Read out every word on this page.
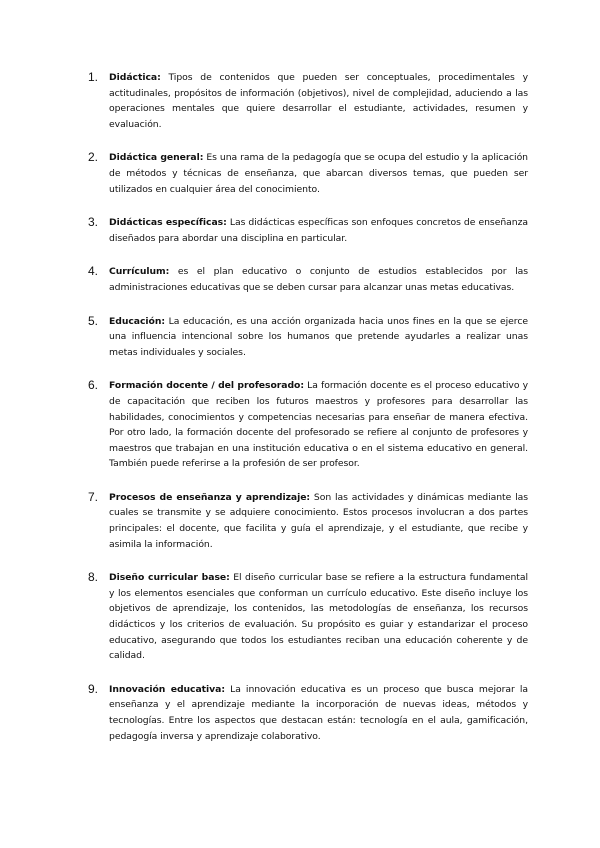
1. Didáctica: Tipos de contenidos que pueden ser conceptuales, procedimentales y actitudinales, propósitos de información (objetivos), nivel de complejidad, aduciendo a las operaciones mentales que quiere desarrollar el estudiante, actividades, resumen y evaluación.
2. Didáctica general: Es una rama de la pedagogía que se ocupa del estudio y la aplicación de métodos y técnicas de enseñanza, que abarcan diversos temas, que pueden ser utilizados en cualquier área del conocimiento.
3. Didácticas específicas: Las didácticas específicas son enfoques concretos de enseñanza diseñados para abordar una disciplina en particular.
4. Currículum: es el plan educativo o conjunto de estudios establecidos por las administraciones educativas que se deben cursar para alcanzar unas metas educativas.
5. Educación: La educación, es una acción organizada hacia unos fines en la que se ejerce una influencia intencional sobre los humanos que pretende ayudarles a realizar unas metas individuales y sociales.
6. Formación docente / del profesorado: La formación docente es el proceso educativo y de capacitación que reciben los futuros maestros y profesores para desarrollar las habilidades, conocimientos y competencias necesarias para enseñar de manera efectiva. Por otro lado, la formación docente del profesorado se refiere al conjunto de profesores y maestros que trabajan en una institución educativa o en el sistema educativo en general. También puede referirse a la profesión de ser profesor.
7. Procesos de enseñanza y aprendizaje: Son las actividades y dinámicas mediante las cuales se transmite y se adquiere conocimiento. Estos procesos involucran a dos partes principales: el docente, que facilita y guía el aprendizaje, y el estudiante, que recibe y asimila la información.
8. Diseño curricular base: El diseño curricular base se refiere a la estructura fundamental y los elementos esenciales que conforman un currículo educativo. Este diseño incluye los objetivos de aprendizaje, los contenidos, las metodologías de enseñanza, los recursos didácticos y los criterios de evaluación. Su propósito es guiar y estandarizar el proceso educativo, asegurando que todos los estudiantes reciban una educación coherente y de calidad.
9. Innovación educativa: La innovación educativa es un proceso que busca mejorar la enseñanza y el aprendizaje mediante la incorporación de nuevas ideas, métodos y tecnologías. Entre los aspectos que destacan están: tecnología en el aula, gamificación, pedagogía inversa y aprendizaje colaborativo.
